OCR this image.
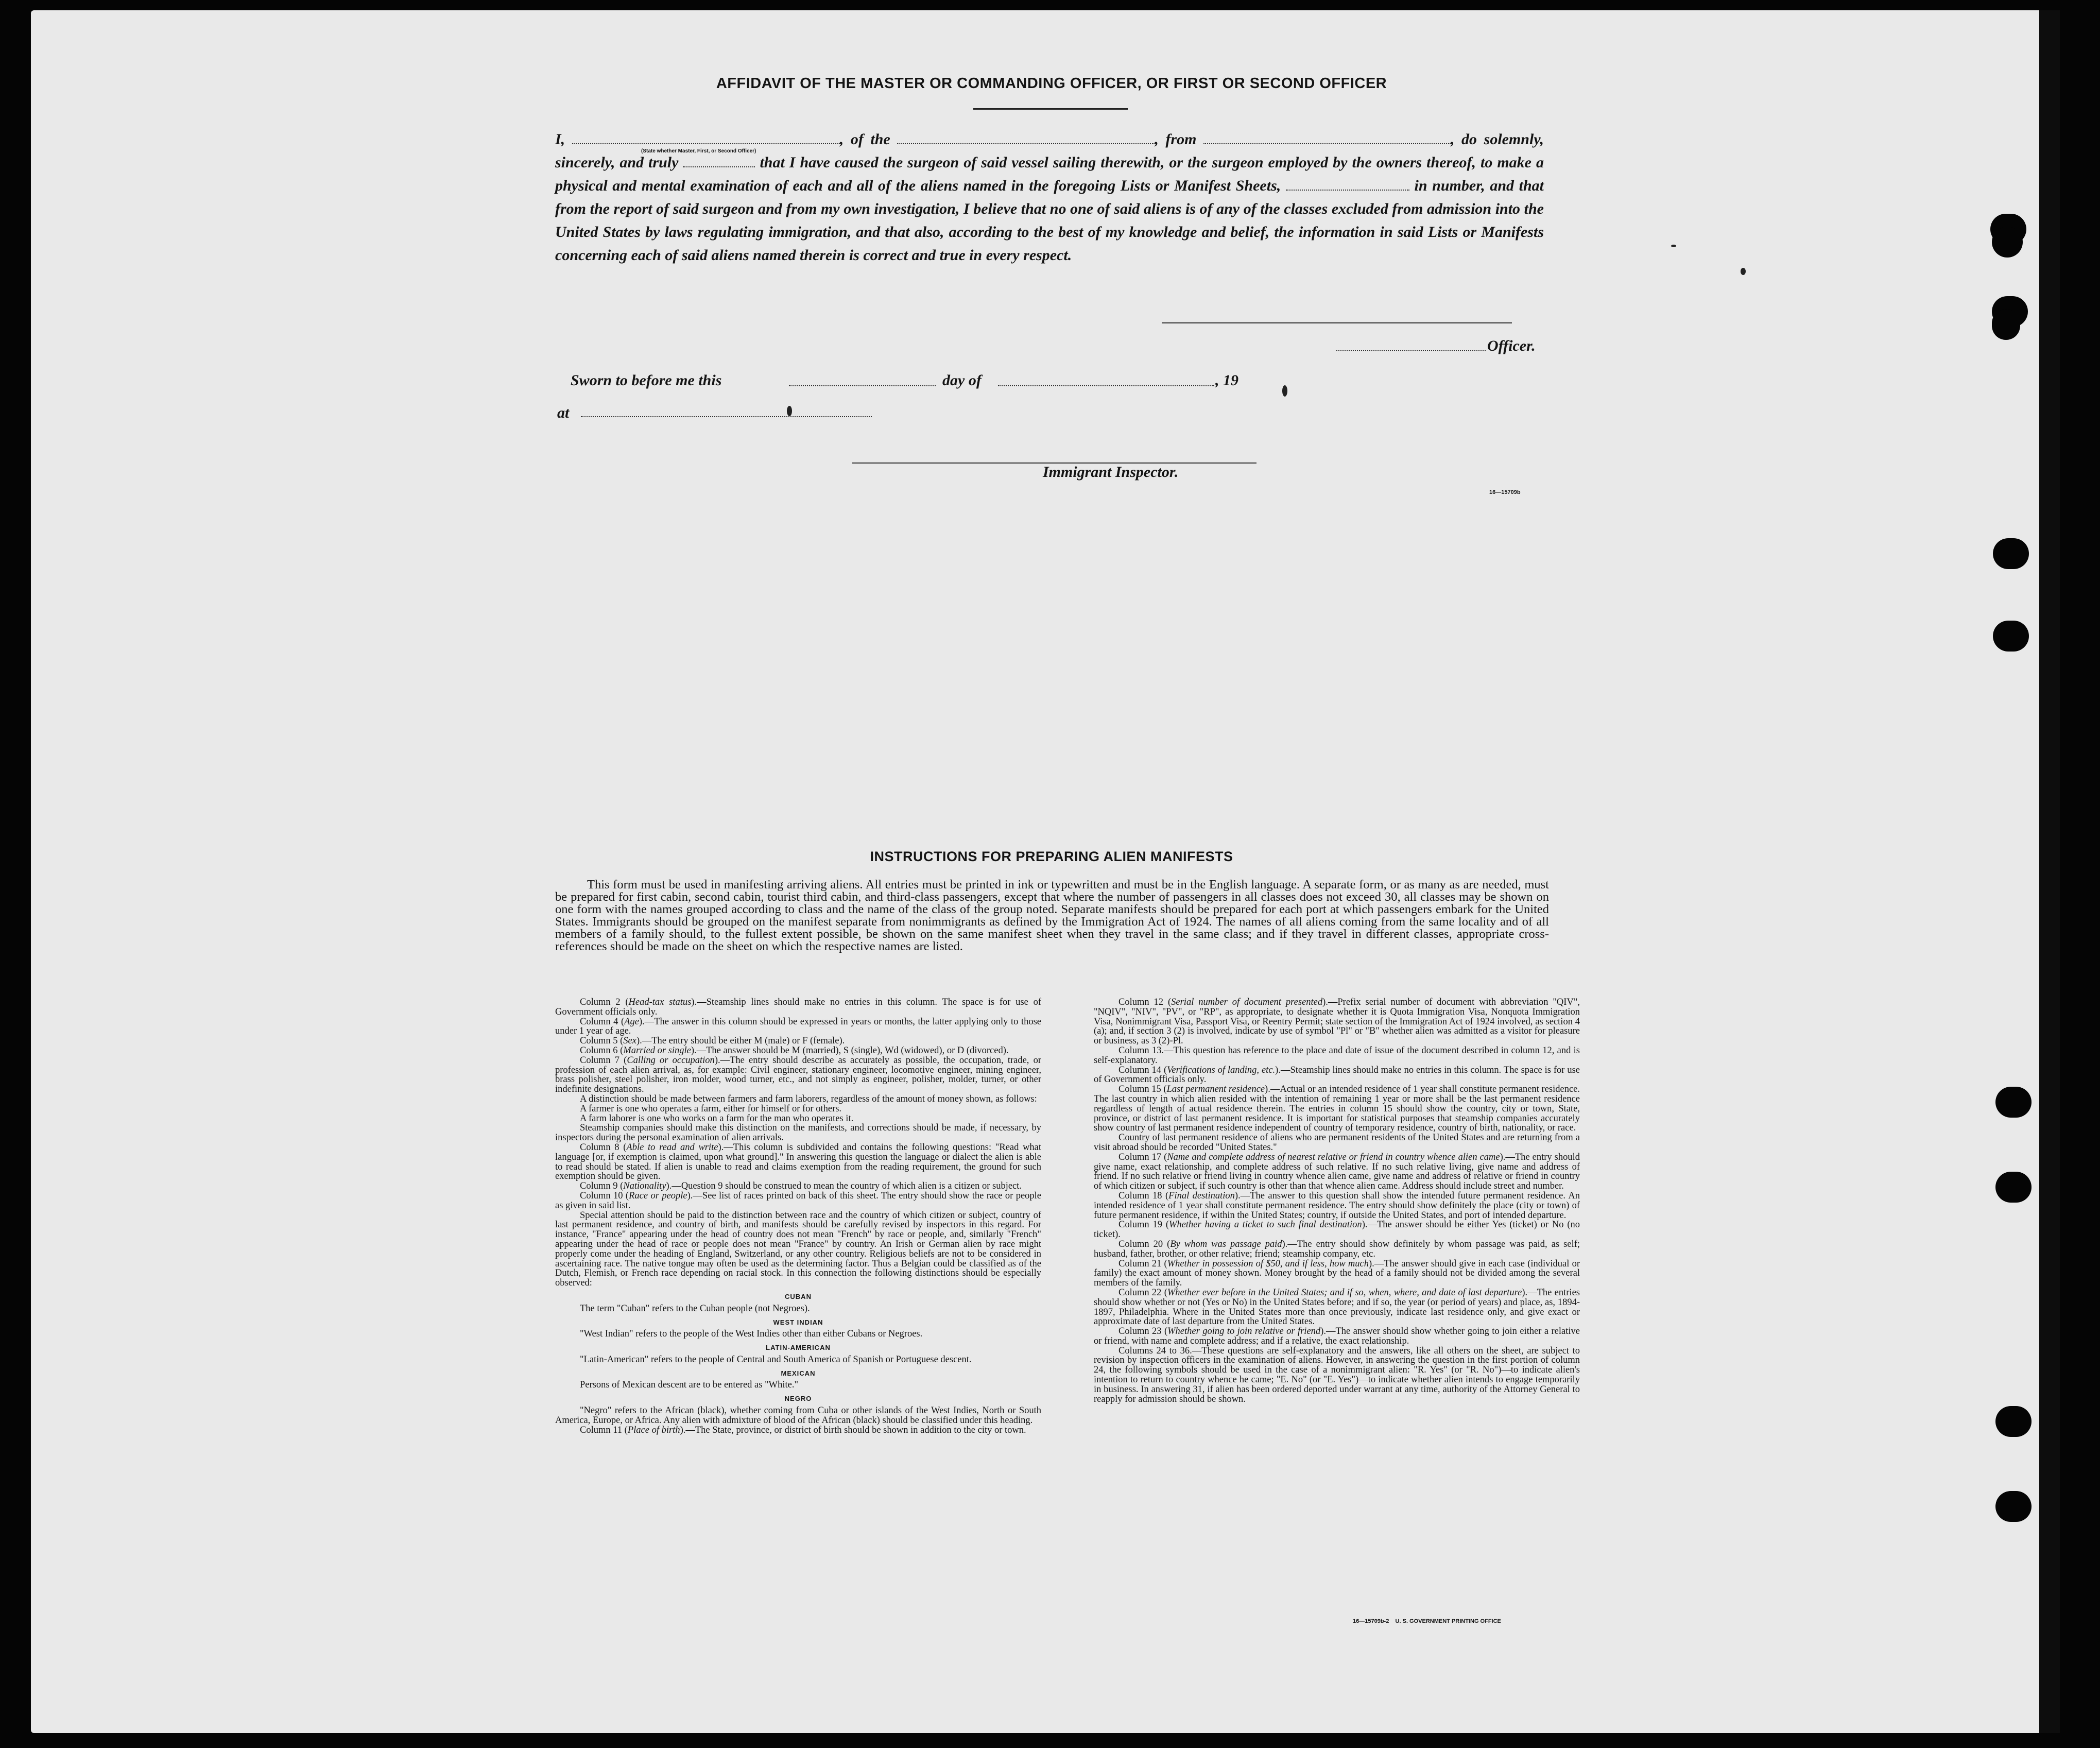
AFFIDAVIT OF THE MASTER OR COMMANDING OFFICER, OR FIRST OR SECOND OFFICER
(State whether Master, First, or Second Officer)

I,	, of the	, from	, do solemnly, sincerely, and truly	that I have caused the surgeon of said vessel sailing therewith, or the surgeon employed by the owners thereof, to make a physical and mental examination of each and all of the aliens named in the foregoing Lists or Manifest Sheets,	in number, and that from the report of said surgeon and from my own investigation, I believe that no one of said aliens is of any of the classes excluded from admission into the United States by laws regulating immigration, and that also, according to the best of my knowledge and belief, the information in said Lists or Manifests concerning each of said aliens named therein is correct and true in every respect.

Officer.
Sworn to before me this	day of	, 19
at
Immigrant Inspector.
16—15709b
INSTRUCTIONS FOR PREPARING ALIEN MANIFESTS

This form must be used in manifesting arriving aliens. All entries must be printed in ink or typewritten and must be in the English language. A separate form, or as many as are needed, must be prepared for first cabin, second cabin, tourist third cabin, and third-class passengers, except that where the number of passengers in all classes does not exceed 30, all classes may be shown on one form with the names grouped according to class and the name of the class of the group noted. Separate manifests should be prepared for each port at which passengers embark for the United States. Immigrants should be grouped on the manifest separate from nonimmigrants as defined by the Immigration Act of 1924. The names of all aliens coming from the same locality and of all members of a family should, to the fullest extent possible, be shown on the same manifest sheet when they travel in the same class; and if they travel in different classes, appropriate cross-references should be made on the sheet on which the respective names are listed.

Column 2 (Head-tax status).—Steamship lines should make no entries in this column. The space is for use of Government officials only.

Column 4 (Age).—The answer in this column should be expressed in years or months, the latter applying only to those under 1 year of age.

Column 5 (Sex).—The entry should be either M (male) or F (female).

Column 6 (Married or single).—The answer should be M (married), S (single), Wd (widowed), or D (divorced).

Column 7 (Calling or occupation).—The entry should describe as accurately as possible, the occupation, trade, or profession of each alien arrival, as, for example: Civil engineer, stationary engineer, locomotive engineer, mining engineer, brass polisher, steel polisher, iron molder, wood turner, etc., and not simply as engineer, polisher, molder, turner, or other indefinite designations.

A distinction should be made between farmers and farm laborers, regardless of the amount of money shown, as follows:

A farmer is one who operates a farm, either for himself or for others.

A farm laborer is one who works on a farm for the man who operates it.

Steamship companies should make this distinction on the manifests, and corrections should be made, if necessary, by inspectors during the personal examination of alien arrivals.

Column 8 (Able to read and write).—This column is subdivided and contains the following questions: "Read what language [or, if exemption is claimed, upon what ground]." In answering this question the language or dialect the alien is able to read should be stated. If alien is unable to read and claims exemption from the reading requirement, the ground for such exemption should be given.

Column 9 (Nationality).—Question 9 should be construed to mean the country of which alien is a citizen or subject.

Column 10 (Race or people).—See list of races printed on back of this sheet. The entry should show the race or people as given in said list.

Special attention should be paid to the distinction between race and the country of which citizen or subject, country of last permanent residence, and country of birth, and manifests should be carefully revised by inspectors in this regard. For instance, "France" appearing under the head of country does not mean "French" by race or people, and, similarly "French" appearing under the head of race or people does not mean "France" by country. An Irish or German alien by race might properly come under the heading of England, Switzerland, or any other country. Religious beliefs are not to be considered in ascertaining race. The native tongue may often be used as the determining factor. Thus a Belgian could be classified as of the Dutch, Flemish, or French race depending on racial stock. In this connection the following distinctions should be especially observed:

CUBAN

The term "Cuban" refers to the Cuban people (not Negroes).

WEST INDIAN

"West Indian" refers to the people of the West Indies other than either Cubans or Negroes.

LATIN-AMERICAN

"Latin-American" refers to the people of Central and South America of Spanish or Portuguese descent.

MEXICAN

Persons of Mexican descent are to be entered as "White."

NEGRO

"Negro" refers to the African (black), whether coming from Cuba or other islands of the West Indies, North or South America, Europe, or Africa. Any alien with admixture of blood of the African (black) should be classified under this heading.

Column 11 (Place of birth).—The State, province, or district of birth should be shown in addition to the city or town.

Column 12 (Serial number of document presented).—Prefix serial number of document with abbreviation "QIV", "NQIV", "NIV", "PV", or "RP", as appropriate, to designate whether it is Quota Immigration Visa, Nonquota Immigration Visa, Nonimmigrant Visa, Passport Visa, or Reentry Permit; state section of the Immigration Act of 1924 involved, as section 4 (a); and, if section 3 (2) is involved, indicate by use of symbol "Pl" or "B" whether alien was admitted as a visitor for pleasure or business, as 3 (2)-Pl.

Column 13.—This question has reference to the place and date of issue of the document described in column 12, and is self-explanatory.

Column 14 (Verifications of landing, etc.).—Steamship lines should make no entries in this column. The space is for use of Government officials only.

Column 15 (Last permanent residence).—Actual or an intended residence of 1 year shall constitute permanent residence. The last country in which alien resided with the intention of remaining 1 year or more shall be the last permanent residence regardless of length of actual residence therein. The entries in column 15 should show the country, city or town, State, province, or district of last permanent residence. It is important for statistical purposes that steamship companies accurately show country of last permanent residence independent of country of temporary residence, country of birth, nationality, or race.

Country of last permanent residence of aliens who are permanent residents of the United States and are returning from a visit abroad should be recorded "United States."

Column 17 (Name and complete address of nearest relative or friend in country whence alien came).—The entry should give name, exact relationship, and complete address of such relative. If no such relative living, give name and address of friend. If no such relative or friend living in country whence alien came, give name and address of relative or friend in country of which citizen or subject, if such country is other than that whence alien came. Address should include street and number.

Column 18 (Final destination).—The answer to this question shall show the intended future permanent residence. An intended residence of 1 year shall constitute permanent residence. The entry should show definitely the place (city or town) of future permanent residence, if within the United States; country, if outside the United States, and port of intended departure.

Column 19 (Whether having a ticket to such final destination).—The answer should be either Yes (ticket) or No (no ticket).

Column 20 (By whom was passage paid).—The entry should show definitely by whom passage was paid, as self; husband, father, brother, or other relative; friend; steamship company, etc.

Column 21 (Whether in possession of $50, and if less, how much).—The answer should give in each case (individual or family) the exact amount of money shown. Money brought by the head of a family should not be divided among the several members of the family.

Column 22 (Whether ever before in the United States; and if so, when, where, and date of last departure).—The entries should show whether or not (Yes or No) in the United States before; and if so, the year (or period of years) and place, as, 1894-1897, Philadelphia. Where in the United States more than once previously, indicate last residence only, and give exact or approximate date of last departure from the United States.

Column 23 (Whether going to join relative or friend).—The answer should show whether going to join either a relative or friend, with name and complete address; and if a relative, the exact relationship.

Columns 24 to 36.—These questions are self-explanatory and the answers, like all others on the sheet, are subject to revision by inspection officers in the examination of aliens. However, in answering the question in the first portion of column 24, the following symbols should be used in the case of a nonimmigrant alien: "R. Yes" (or "R. No")—to indicate alien's intention to return to country whence he came; "E. No" (or "E. Yes")—to indicate whether alien intends to engage temporarily in business. In answering 31, if alien has been ordered deported under warrant at any time, authority of the Attorney General to reapply for admission should be shown.

16—15709b-2    U. S. GOVERNMENT PRINTING OFFICE
